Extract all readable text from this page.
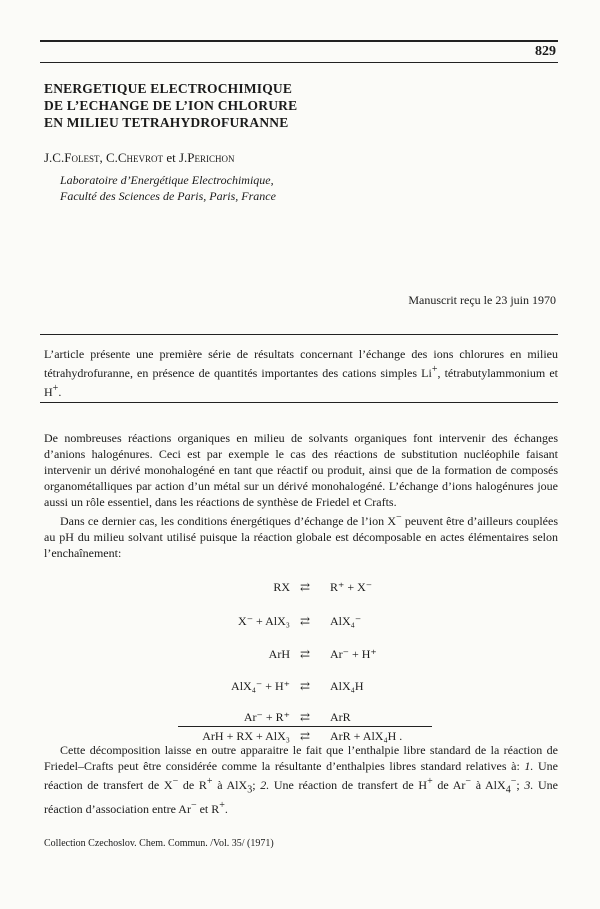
829
ENERGETIQUE ELECTROCHIMIQUE
DE L’ECHANGE DE L’ION CHLORURE
EN MILIEU TETRAHYDROFURANNE
J.C.Folest, C.Chevrot et J.Perichon
Laboratoire d’Energétique Electrochimique,
Faculté des Sciences de Paris, Paris, France
Manuscrit reçu le 23 juin 1970
L’article présente une première série de résultats concernant l’échange des ions chlorures en milieu tétrahydrofuranne, en présence de quantités importantes des cations simples Li+, tétrabutylammonium et H+.

De nombreuses réactions organiques en milieu de solvants organiques font intervenir des échanges d’anions halogénures. Ceci est par exemple le cas des réactions de substitution nucléophile faisant intervenir un dérivé monohalogéné en tant que réactif ou produit, ainsi que de la formation de composés organométalliques par action d’un métal sur un dérivé monohalogéné. L’échange d’ions halogénures joue aussi un rôle essentiel, dans les réactions de synthèse de Friedel et Crafts.

Dans ce dernier cas, les conditions énergétiques d’échange de l’ion X− peuvent être d’ailleurs couplées au pH du milieu solvant utilisé puisque la réaction globale est décomposable en actes élémentaires selon l’enchaînement:

RX ⇄ R⁺ + X⁻
X⁻ + AlX₃ ⇄ AlX₄⁻
ArH ⇄ Ar⁻ + H⁺
AlX₄⁻ + H⁺ ⇄ AlX₄H
Ar⁻ + R⁺ ⇄ ArR
ArH + RX + AlX₃ ⇄ ArR + AlX₄H .
Cette décomposition laisse en outre apparaitre le fait que l’enthalpie libre standard de la réaction de Friedel–Crafts peut être considérée comme la résultante d’enthalpies libres standard relatives à: 1. Une réaction de transfert de X− de R+ à AlX$_3$; 2. Une réaction de transfert de H+ de Ar− à AlX$_4$−; 3. Une réaction d’association entre Ar− et R+.
Collection Czechoslov. Chem. Commun. /Vol. 35/ (1971)
